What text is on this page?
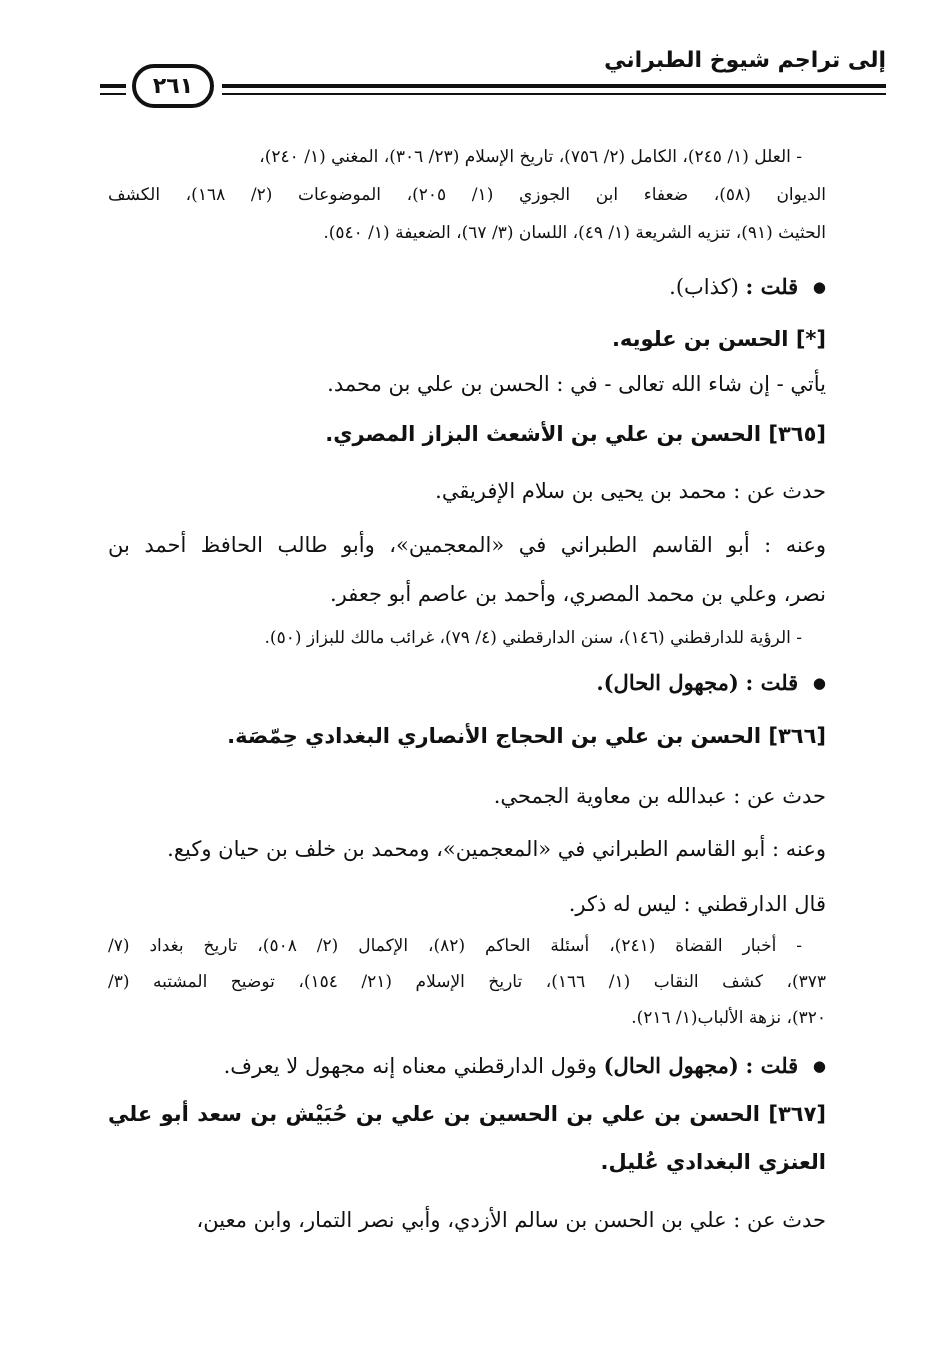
إلى تراجم شيوخ الطبراني
٢٦١
- العلل (١/ ٢٤٥)، الكامل (٢/ ٧٥٦)، تاريخ الإسلام (٢٣/ ٣٠٦)، المغني (١/ ٢٤٠)،
الديوان (٥٨)، ضعفاء ابن الجوزي (١/ ٢٠٥)، الموضوعات (٢/ ١٦٨)، الكشف
الحثيث (٩١)، تنزيه الشريعة (١/ ٤٩)، اللسان (٣/ ٦٧)، الضعيفة (١/ ٥٤٠).
● قلت : (كذاب).
[*] الحسن بن علويه.
يأتي - إن شاء الله تعالى - في : الحسن بن علي بن محمد.
[٣٦٥] الحسن بن علي بن الأشعث البزاز المصري.
حدث عن : محمد بن يحيى بن سلام الإفريقي.
وعنه : أبو القاسم الطبراني في «المعجمين»، وأبو طالب الحافظ أحمد بن
نصر، وعلي بن محمد المصري، وأحمد بن عاصم أبو جعفر.
- الرؤية للدارقطني (١٤٦)، سنن الدارقطني (٤/ ٧٩)، غرائب مالك للبزاز (٥٠).
● قلت : (مجهول الحال).
[٣٦٦] الحسن بن علي بن الحجاج الأنصاري البغدادي حِمّصَة.
حدث عن : عبدالله بن معاوية الجمحي.
وعنه : أبو القاسم الطبراني في «المعجمين»، ومحمد بن خلف بن حيان وكيع.
قال الدارقطني : ليس له ذكر.
- أخبار القضاة (٢٤١)، أسئلة الحاكم (٨٢)، الإكمال (٢/ ٥٠٨)، تاريخ بغداد (٧/
٣٧٣)، كشف النقاب (١/ ١٦٦)، تاريخ الإسلام (٢١/ ١٥٤)، توضيح المشتبه (٣/
٣٢٠)، نزهة الألباب(١/ ٢١٦).
● قلت : (مجهول الحال) وقول الدارقطني معناه إنه مجهول لا يعرف.
[٣٦٧] الحسن بن علي بن الحسين بن علي بن حُبَيْش بن سعد أبو علي
العنزي البغدادي عُليل.
حدث عن : علي بن الحسن بن سالم الأزدي، وأبي نصر التمار، وابن معين،
